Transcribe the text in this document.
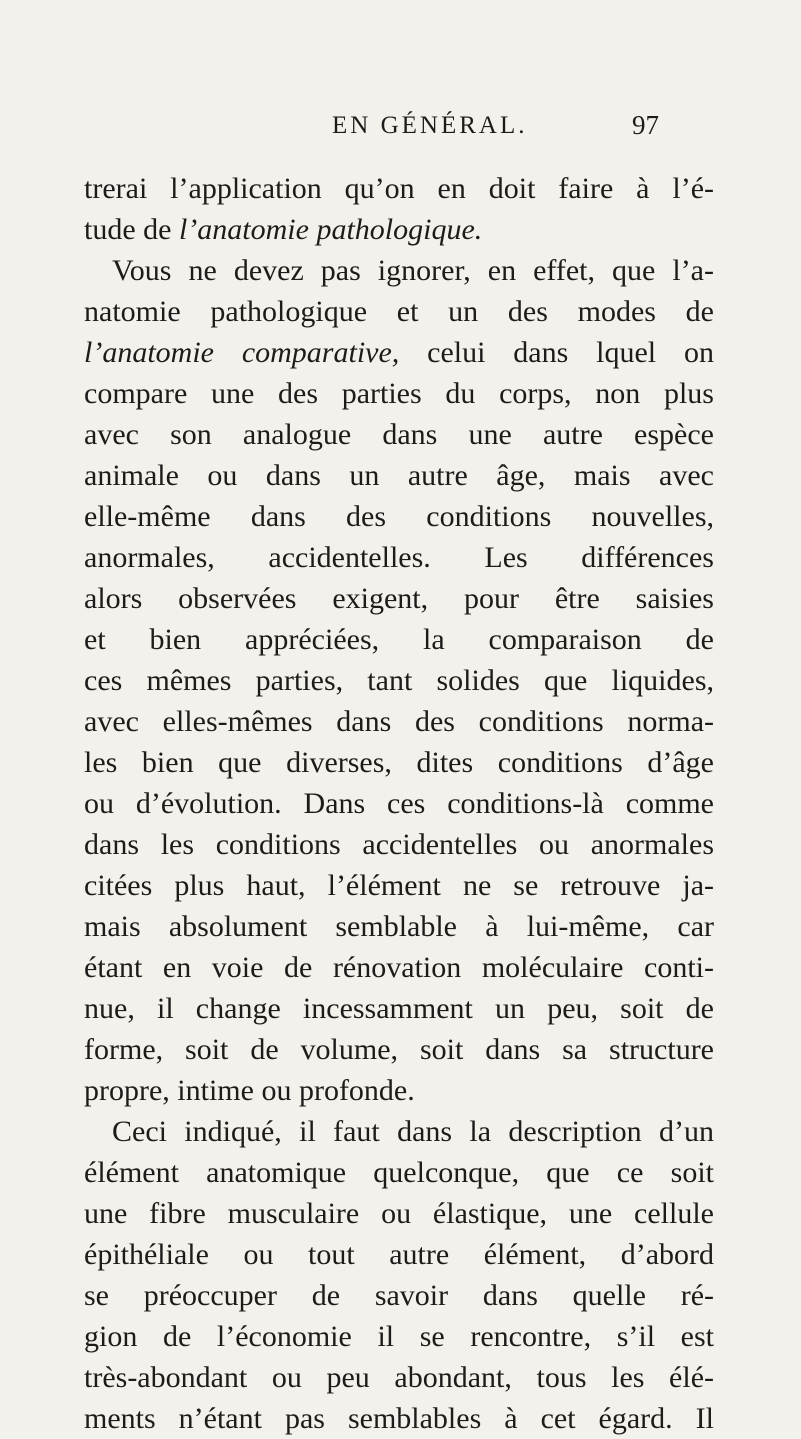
EN GÉNÉRAL.	97
trerai l’application qu’on en doit faire à l’é-
tude de l’anatomie pathologique.
Vous ne devez pas ignorer, en effet, que l’a-
natomie pathologique et un des modes de
l’anatomie comparative, celui dans lquel on
compare une des parties du corps, non plus
avec son analogue dans une autre espèce
animale ou dans un autre âge, mais avec
elle-même dans des conditions nouvelles,
anormales, accidentelles. Les différences
alors observées exigent, pour être saisies
et bien appréciées, la comparaison de
ces mêmes parties, tant solides que liquides,
avec elles-mêmes dans des conditions norma-
les bien que diverses, dites conditions d’âge
ou d’évolution. Dans ces conditions-là comme
dans les conditions accidentelles ou anormales
citées plus haut, l’élément ne se retrouve ja-
mais absolument semblable à lui-même, car
étant en voie de rénovation moléculaire conti-
nue, il change incessamment un peu, soit de
forme, soit de volume, soit dans sa structure
propre, intime ou profonde.
Ceci indiqué, il faut dans la description d’un
élément anatomique quelconque, que ce soit
une fibre musculaire ou élastique, une cellule
épithéliale ou tout autre élément, d’abord
se préoccuper de savoir dans quelle ré-
gion de l’économie il se rencontre, s’il est
très-abondant ou peu abondant, tous les élé-
ments n’étant pas semblables à cet égard. Il
